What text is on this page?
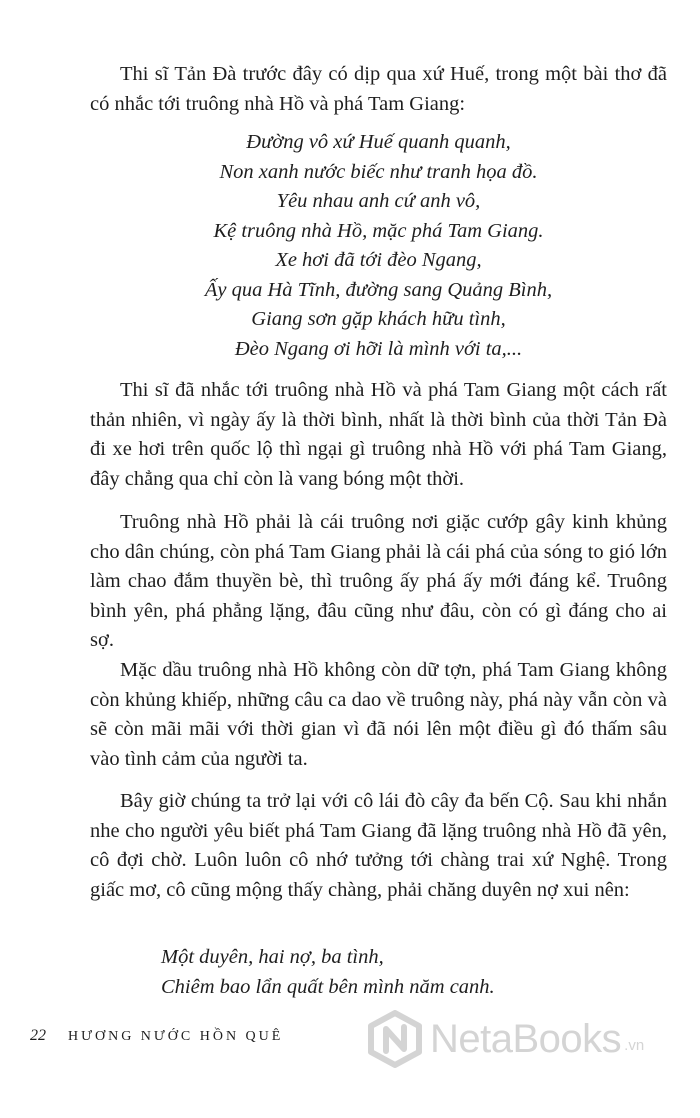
Thi sĩ Tản Đà trước đây có dịp qua xứ Huế, trong một bài thơ đã có nhắc tới truông nhà Hồ và phá Tam Giang:

Đường vô xứ Huế quanh quanh,
Non xanh nước biếc như tranh họa đồ.
Yêu nhau anh cứ anh vô,
Kệ truông nhà Hồ, mặc phá Tam Giang.
Xe hơi đã tới đèo Ngang,
Ấy qua Hà Tĩnh, đường sang Quảng Bình,
Giang sơn gặp khách hữu tình,
Đèo Ngang ơi hỡi là mình với ta,...

Thi sĩ đã nhắc tới truông nhà Hồ và phá Tam Giang một cách rất thản nhiên, vì ngày ấy là thời bình, nhất là thời bình của thời Tản Đà đi xe hơi trên quốc lộ thì ngại gì truông nhà Hồ với phá Tam Giang, đây chẳng qua chỉ còn là vang bóng một thời.

Truông nhà Hồ phải là cái truông nơi giặc cướp gây kinh khủng cho dân chúng, còn phá Tam Giang phải là cái phá của sóng to gió lớn làm chao đắm thuyền bè, thì truông ấy phá ấy mới đáng kể. Truông bình yên, phá phẳng lặng, đâu cũng như đâu, còn có gì đáng cho ai sợ.

Mặc dầu truông nhà Hồ không còn dữ tợn, phá Tam Giang không còn khủng khiếp, những câu ca dao về truông này, phá này vẫn còn và sẽ còn mãi mãi với thời gian vì đã nói lên một điều gì đó thấm sâu vào tình cảm của người ta.

Bây giờ chúng ta trở lại với cô lái đò cây đa bến Cộ. Sau khi nhắn nhe cho người yêu biết phá Tam Giang đã lặng truông nhà Hồ đã yên, cô đợi chờ. Luôn luôn cô nhớ tưởng tới chàng trai xứ Nghệ. Trong giấc mơ, cô cũng mộng thấy chàng, phải chăng duyên nợ xui nên:

Một duyên, hai nợ, ba tình,
Chiêm bao lẩn quất bên mình năm canh.
22 HƯƠNG NƯỚC HỒN QUÊ	NetaBooks .vn
